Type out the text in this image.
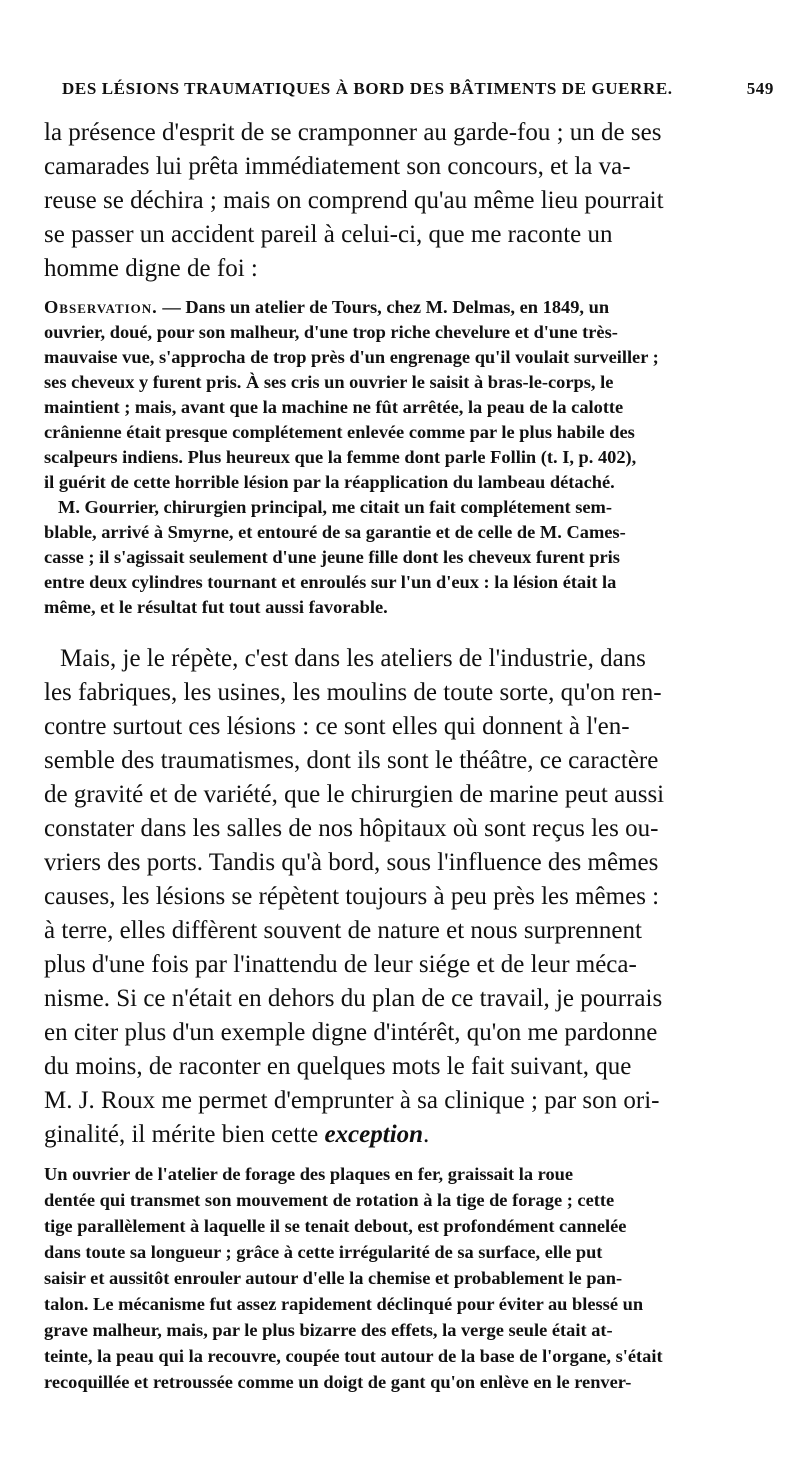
DES LÉSIONS TRAUMATIQUES À BORD DES BÂTIMENTS DE GUERRE.	549
la présence d'esprit de se cramponner au garde-fou ; un de ses
camarades lui prêta immédiatement son concours, et la va-
reuse se déchira ; mais on comprend qu'au même lieu pourrait
se passer un accident pareil à celui-ci, que me raconte un
homme digne de foi :
Observation. — Dans un atelier de Tours, chez M. Delmas, en 1849, un
ouvrier, doué, pour son malheur, d'une trop riche chevelure et d'une très-
mauvaise vue, s'approcha de trop près d'un engrenage qu'il voulait surveiller ;
ses cheveux y furent pris. À ses cris un ouvrier le saisit à bras-le-corps, le
maintient ; mais, avant que la machine ne fût arrêtée, la peau de la calotte
crânienne était presque complétement enlevée comme par le plus habile des
scalpeurs indiens. Plus heureux que la femme dont parle Follin (t. I, p. 402),
il guérit de cette horrible lésion par la réapplication du lambeau détaché.
M. Gourrier, chirurgien principal, me citait un fait complétement sem-
blable, arrivé à Smyrne, et entouré de sa garantie et de celle de M. Cames-
casse ; il s'agissait seulement d'une jeune fille dont les cheveux furent pris
entre deux cylindres tournant et enroulés sur l'un d'eux : la lésion était la
même, et le résultat fut tout aussi favorable.
Mais, je le répète, c'est dans les ateliers de l'industrie, dans
les fabriques, les usines, les moulins de toute sorte, qu'on ren-
contre surtout ces lésions : ce sont elles qui donnent à l'en-
semble des traumatismes, dont ils sont le théâtre, ce caractère
de gravité et de variété, que le chirurgien de marine peut aussi
constater dans les salles de nos hôpitaux où sont reçus les ou-
vriers des ports. Tandis qu'à bord, sous l'influence des mêmes
causes, les lésions se répètent toujours à peu près les mêmes :
à terre, elles diffèrent souvent de nature et nous surprennent
plus d'une fois par l'inattendu de leur siége et de leur méca-
nisme. Si ce n'était en dehors du plan de ce travail, je pourrais
en citer plus d'un exemple digne d'intérêt, qu'on me pardonne
du moins, de raconter en quelques mots le fait suivant, que
M. J. Roux me permet d'emprunter à sa clinique ; par son ori-
ginalité, il mérite bien cette exception.
Un ouvrier de l'atelier de forage des plaques en fer, graissait la roue
dentée qui transmet son mouvement de rotation à la tige de forage ; cette
tige parallèlement à laquelle il se tenait debout, est profondément cannelée
dans toute sa longueur ; grâce à cette irrégularité de sa surface, elle put
saisir et aussitôt enrouler autour d'elle la chemise et probablement le pan-
talon. Le mécanisme fut assez rapidement déclinqué pour éviter au blessé un
grave malheur, mais, par le plus bizarre des effets, la verge seule était at-
teinte, la peau qui la recouvre, coupée tout autour de la base de l'organe, s'était
recoquillée et retroussée comme un doigt de gant qu'on enlève en le renver-
